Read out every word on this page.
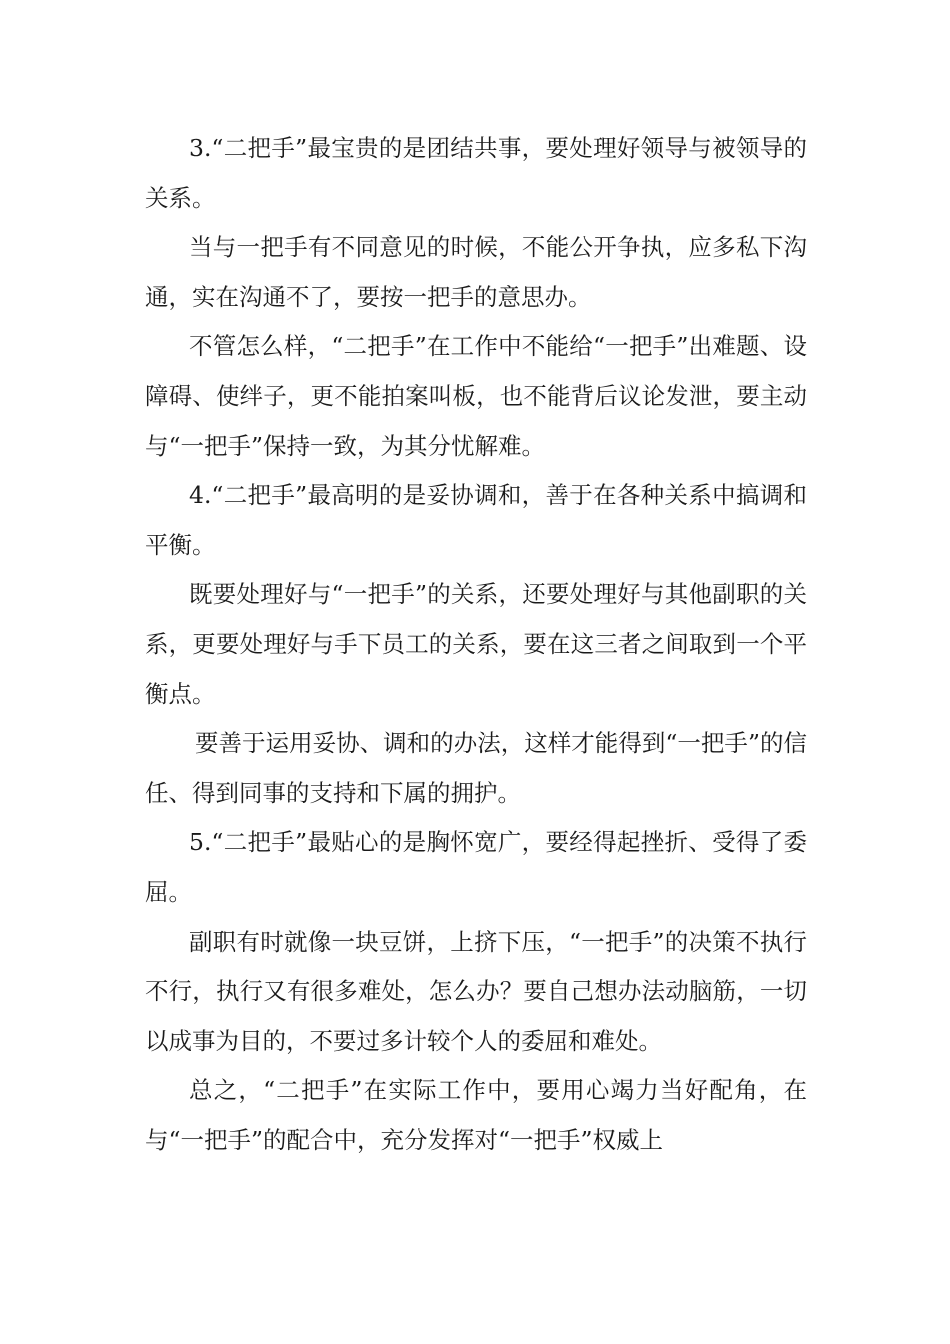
3.“二把手”最宝贵的是团结共事，要处理好领导与被领导的关系。

当与一把手有不同意见的时候，不能公开争执，应多私下沟通，实在沟通不了，要按一把手的意思办。

不管怎么样，“二把手”在工作中不能给“一把手”出难题、设障碍、使绊子，更不能拍案叫板，也不能背后议论发泄，要主动与“一把手”保持一致，为其分忧解难。

4.“二把手”最高明的是妥协调和，善于在各种关系中搞调和平衡。

既要处理好与“一把手”的关系，还要处理好与其他副职的关系，更要处理好与手下员工的关系，要在这三者之间取到一个平衡点。

要善于运用妥协、调和的办法，这样才能得到“一把手”的信任、得到同事的支持和下属的拥护。

5.“二把手”最贴心的是胸怀宽广，要经得起挫折、受得了委屈。

副职有时就像一块豆饼，上挤下压，“一把手”的决策不执行不行，执行又有很多难处，怎么办？要自己想办法动脑筋，一切以成事为目的，不要过多计较个人的委屈和难处。

总之，“二把手”在实际工作中，要用心竭力当好配角，在与“一把手”的配合中，充分发挥对“一把手”权威上
